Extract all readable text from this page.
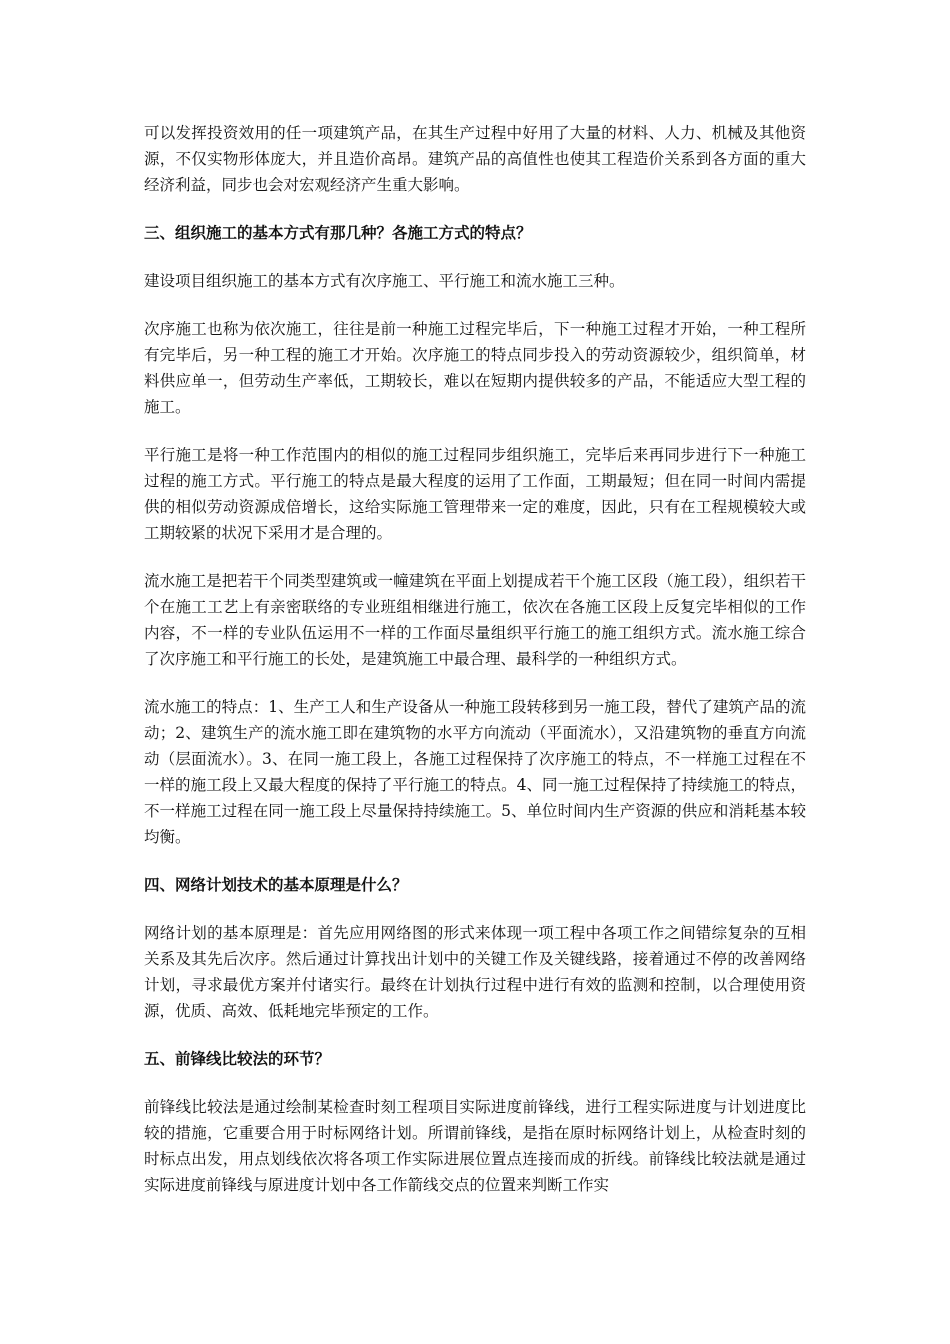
可以发挥投资效用的任一项建筑产品，在其生产过程中好用了大量的材料、人力、机械及其他资源，不仅实物形体庞大，并且造价高昂。建筑产品的高值性也使其工程造价关系到各方面的重大经济利益，同步也会对宏观经济产生重大影响。

三、组织施工的基本方式有那几种？各施工方式的特点？

建设项目组织施工的基本方式有次序施工、平行施工和流水施工三种。

次序施工也称为依次施工，往往是前一种施工过程完毕后，下一种施工过程才开始，一种工程所有完毕后，另一种工程的施工才开始。次序施工的特点同步投入的劳动资源较少，组织简单，材料供应单一，但劳动生产率低，工期较长，难以在短期内提供较多的产品，不能适应大型工程的施工。

平行施工是将一种工作范围内的相似的施工过程同步组织施工，完毕后来再同步进行下一种施工过程的施工方式。平行施工的特点是最大程度的运用了工作面，工期最短；但在同一时间内需提供的相似劳动资源成倍增长，这给实际施工管理带来一定的难度，因此，只有在工程规模较大或工期较紧的状况下采用才是合理的。

流水施工是把若干个同类型建筑或一幢建筑在平面上划提成若干个施工区段（施工段），组织若干个在施工工艺上有亲密联络的专业班组相继进行施工，依次在各施工区段上反复完毕相似的工作内容，不一样的专业队伍运用不一样的工作面尽量组织平行施工的施工组织方式。流水施工综合了次序施工和平行施工的长处，是建筑施工中最合理、最科学的一种组织方式。

流水施工的特点：1、生产工人和生产设备从一种施工段转移到另一施工段，替代了建筑产品的流动；2、建筑生产的流水施工即在建筑物的水平方向流动（平面流水），又沿建筑物的垂直方向流动（层面流水）。3、在同一施工段上，各施工过程保持了次序施工的特点，不一样施工过程在不一样的施工段上又最大程度的保持了平行施工的特点。4、同一施工过程保持了持续施工的特点，不一样施工过程在同一施工段上尽量保持持续施工。5、单位时间内生产资源的供应和消耗基本较均衡。

四、网络计划技术的基本原理是什么？

网络计划的基本原理是：首先应用网络图的形式来体现一项工程中各项工作之间错综复杂的互相关系及其先后次序。然后通过计算找出计划中的关键工作及关键线路，接着通过不停的改善网络计划，寻求最优方案并付诸实行。最终在计划执行过程中进行有效的监测和控制，以合理使用资源，优质、高效、低耗地完毕预定的工作。

五、前锋线比较法的环节？

前锋线比较法是通过绘制某检查时刻工程项目实际进度前锋线，进行工程实际进度与计划进度比较的措施，它重要合用于时标网络计划。所谓前锋线，是指在原时标网络计划上，从检查时刻的时标点出发，用点划线依次将各项工作实际进展位置点连接而成的折线。前锋线比较法就是通过实际进度前锋线与原进度计划中各工作箭线交点的位置来判断工作实
